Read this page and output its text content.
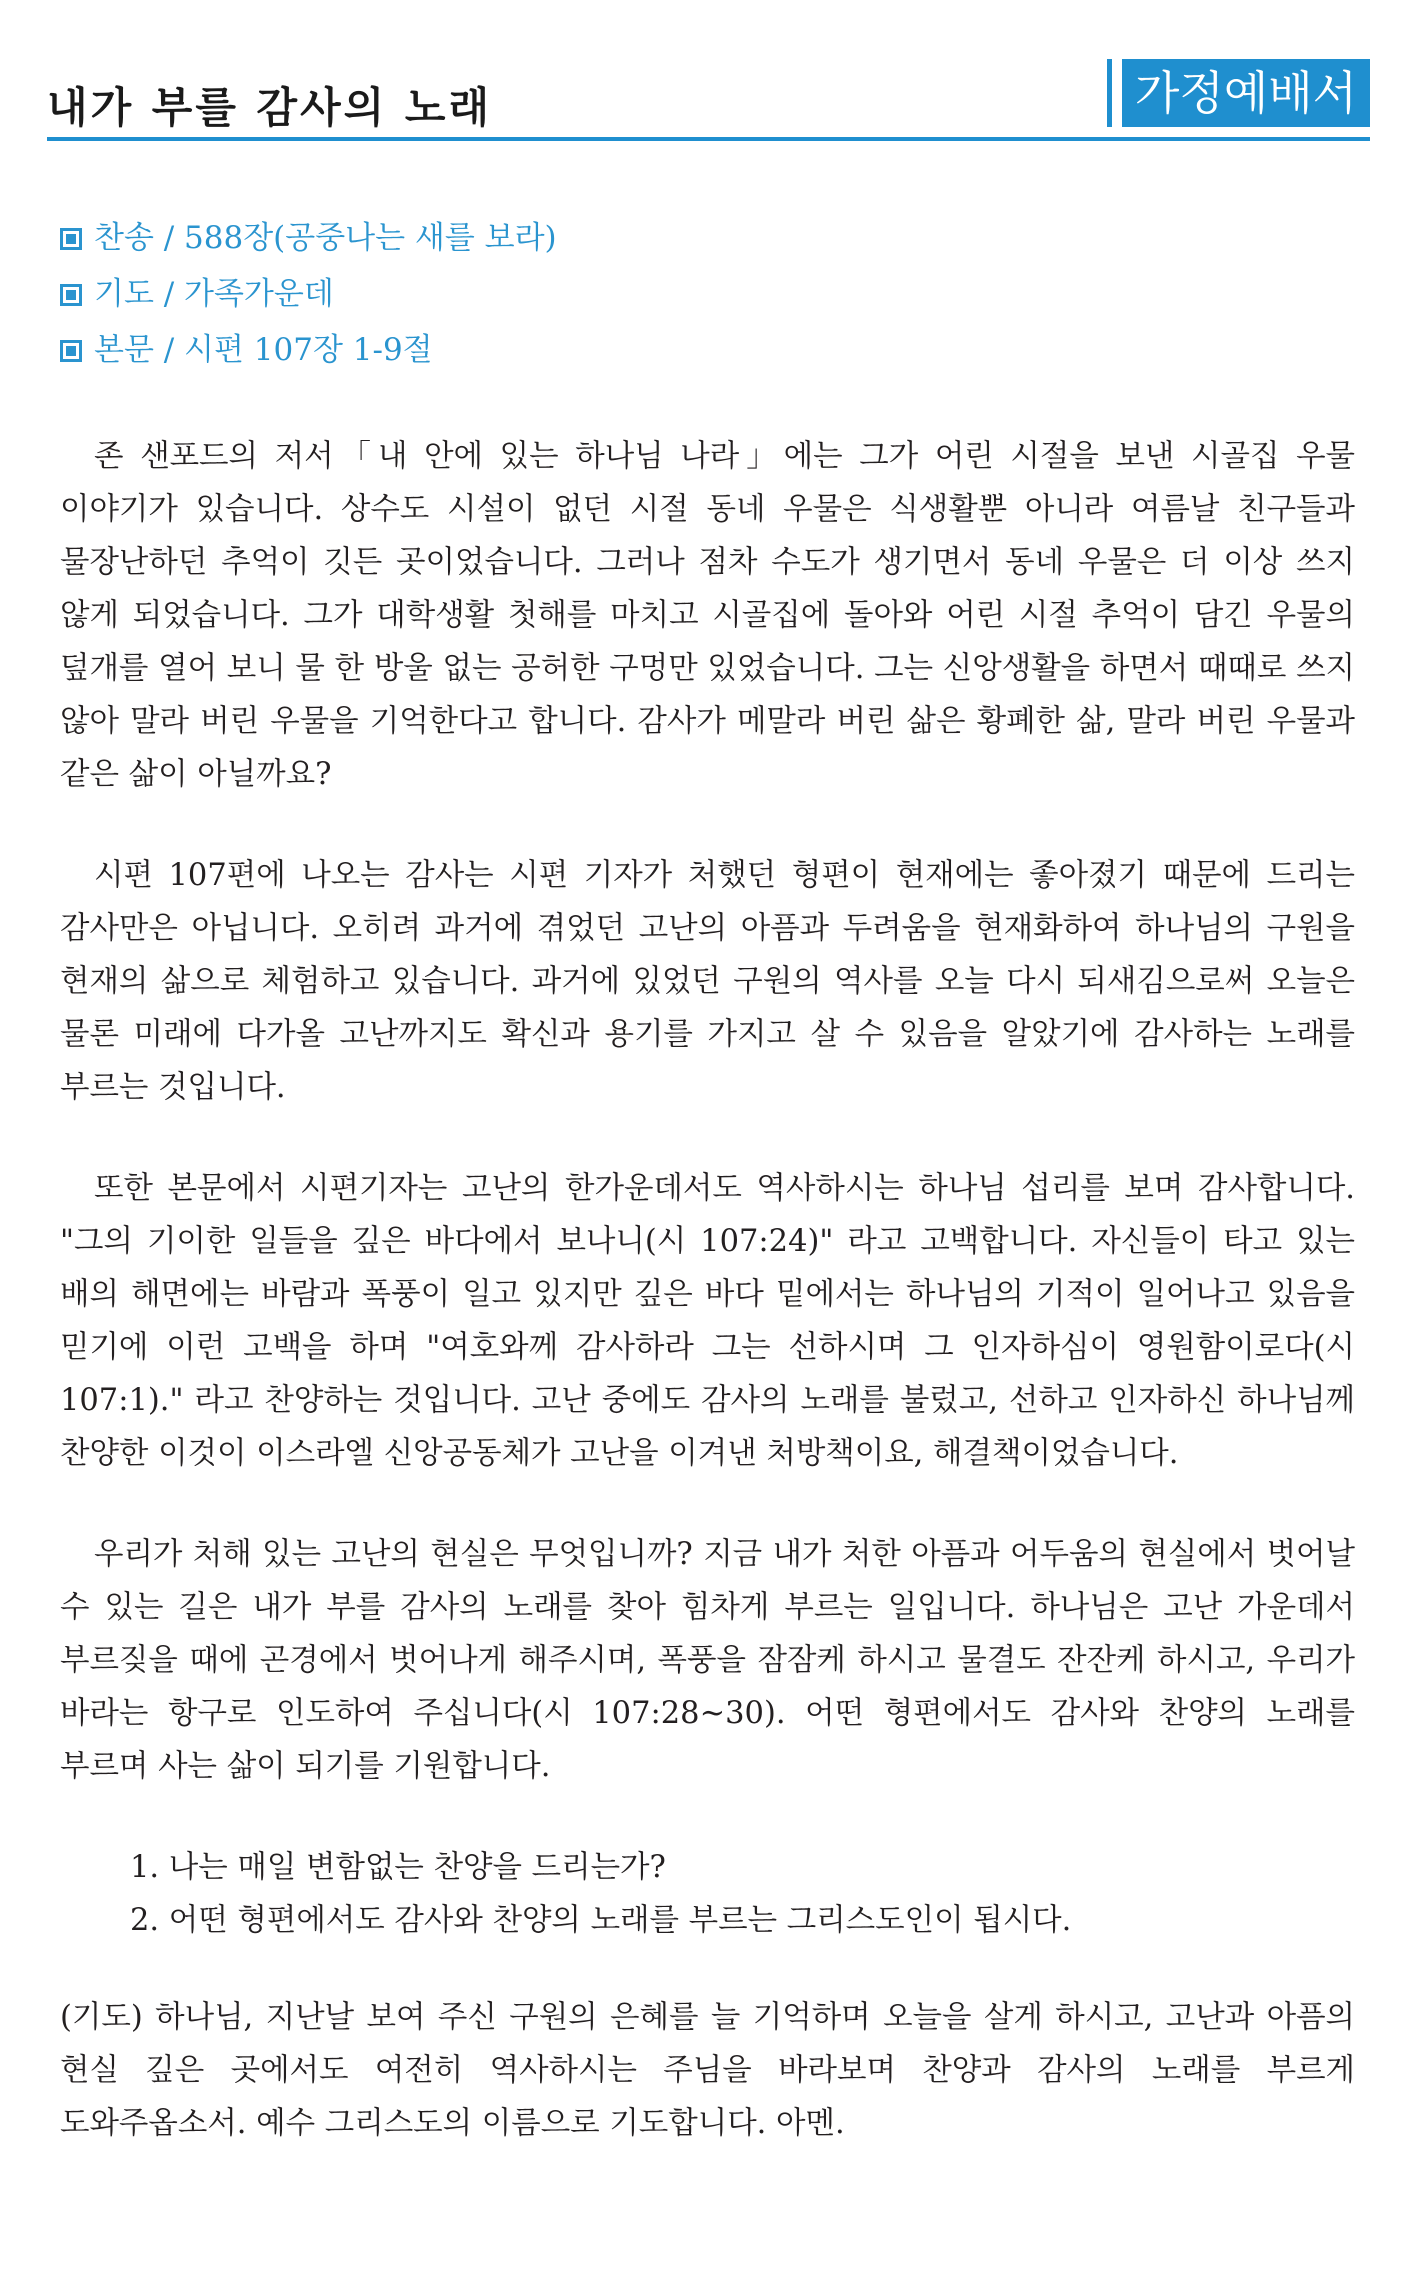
내가 부를 감사의 노래	가정예배서
찬송 / 588장(공중나는 새를 보라)
기도 / 가족가운데
본문 / 시편 107장 1-9절

존 샌포드의 저서「내 안에 있는 하나님 나라」에는 그가 어린 시절을 보낸 시골집 우물 이야기가 있습니다. 상수도 시설이 없던 시절 동네 우물은 식생활뿐 아니라 여름날 친구들과 물장난하던 추억이 깃든 곳이었습니다. 그러나 점차 수도가 생기면서 동네 우물은 더 이상 쓰지 않게 되었습니다. 그가 대학생활 첫해를 마치고 시골집에 돌아와 어린 시절 추억이 담긴 우물의 덮개를 열어 보니 물 한 방울 없는 공허한 구멍만 있었습니다. 그는 신앙생활을 하면서 때때로 쓰지 않아 말라 버린 우물을 기억한다고 합니다. 감사가 메말라 버린 삶은 황폐한 삶, 말라 버린 우물과 같은 삶이 아닐까요?

시편 107편에 나오는 감사는 시편 기자가 처했던 형편이 현재에는 좋아졌기 때문에 드리는 감사만은 아닙니다. 오히려 과거에 겪었던 고난의 아픔과 두려움을 현재화하여 하나님의 구원을 현재의 삶으로 체험하고 있습니다. 과거에 있었던 구원의 역사를 오늘 다시 되새김으로써 오늘은 물론 미래에 다가올 고난까지도 확신과 용기를 가지고 살 수 있음을 알았기에 감사하는 노래를 부르는 것입니다.

또한 본문에서 시편기자는 고난의 한가운데서도 역사하시는 하나님 섭리를 보며 감사합니다. "그의 기이한 일들을 깊은 바다에서 보나니(시 107:24)" 라고 고백합니다. 자신들이 타고 있는 배의 해면에는 바람과 폭풍이 일고 있지만 깊은 바다 밑에서는 하나님의 기적이 일어나고 있음을 믿기에 이런 고백을 하며 "여호와께 감사하라 그는 선하시며 그 인자하심이 영원함이로다(시 107:1)." 라고 찬양하는 것입니다. 고난 중에도 감사의 노래를 불렀고, 선하고 인자하신 하나님께 찬양한 이것이 이스라엘 신앙공동체가 고난을 이겨낸 처방책이요, 해결책이었습니다.

우리가 처해 있는 고난의 현실은 무엇입니까? 지금 내가 처한 아픔과 어두움의 현실에서 벗어날 수 있는 길은 내가 부를 감사의 노래를 찾아 힘차게 부르는 일입니다. 하나님은 고난 가운데서 부르짖을 때에 곤경에서 벗어나게 해주시며, 폭풍을 잠잠케 하시고 물결도 잔잔케 하시고, 우리가 바라는 항구로 인도하여 주십니다(시 107:28~30). 어떤 형편에서도 감사와 찬양의 노래를 부르며 사는 삶이 되기를 기원합니다.

1. 나는 매일 변함없는 찬양을 드리는가?
2. 어떤 형편에서도 감사와 찬양의 노래를 부르는 그리스도인이 됩시다.

(기도) 하나님, 지난날 보여 주신 구원의 은혜를 늘 기억하며 오늘을 살게 하시고, 고난과 아픔의 현실 깊은 곳에서도 여전히 역사하시는 주님을 바라보며 찬양과 감사의 노래를 부르게 도와주옵소서. 예수 그리스도의 이름으로 기도합니다. 아멘.
